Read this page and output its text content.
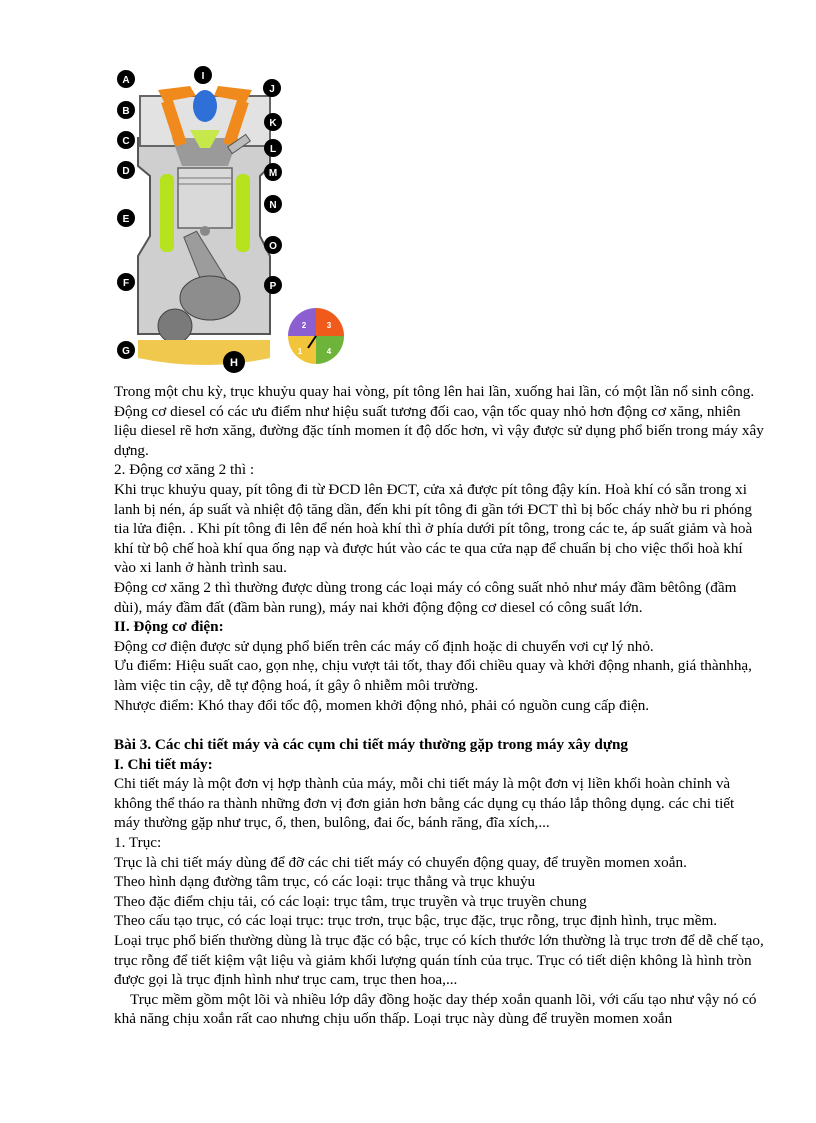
A
B
C
D
E
F
G
H
I
J
K
L
M
N
O
P
2	3
1	4

Trong một chu kỳ, trục khuỷu quay hai vòng, pít tông lên hai lần, xuống hai lần, có một lần nổ sinh công.

Động cơ diesel có các ưu điểm như hiệu suất tương đối cao, vận tốc quay nhỏ hơn động cơ xăng, nhiên liệu diesel rẽ hơn xăng, đường đặc tính momen ít độ dốc hơn, vì vậy được sử dụng phổ biến trong máy xây dựng.

2. Động cơ xăng 2 thì :

Khi trục khuỷu quay, pít tông đi từ ĐCD lên ĐCT, cửa xả được pít tông đậy kín. Hoà khí có sẵn trong xi lanh bị nén, áp suất và nhiệt độ tăng dần, đến khi pít tông đi gần tới ĐCT thì bị bốc cháy nhờ bu ri phóng tia lửa điện. . Khi pít tông đi lên để nén hoà khí thì ở phía dưới pít tông, trong các te, áp suất giảm và hoà khí từ bộ chế hoà khí qua ống nạp và được hút vào các te qua cửa nạp để chuẩn bị cho việc thổi hoà khí vào xi lanh ở hành trình sau.

Động cơ xăng 2 thì thường được dùng trong các loại máy có công suất nhỏ như máy đầm bêtông (đầm dùi), máy đầm đất (đầm bàn rung), máy nai khởi động động cơ diesel có công suất lớn.

II. Động cơ điện:

Động cơ điện được sử dụng phổ biến trên các máy cố định hoặc di chuyển vơi cự lý nhỏ.

Ưu điểm: Hiệu suất cao, gọn nhẹ, chịu vượt tải tốt, thay đổi chiều quay và khởi động nhanh, giá thànhhạ, làm việc tin cậy, dễ tự động hoá, ít gây ô nhiễm môi trường.

Nhược điểm: Khó thay đổi tốc độ, momen khởi động nhỏ, phải có nguồn cung cấp điện.

Bài 3. Các chi tiết máy và các cụm chi tiết máy thường gặp trong máy xây dựng

I. Chi tiết máy:

Chi tiết máy là một đơn vị hợp thành của máy, mỗi chi tiết máy là một đơn vị liền khối hoàn chỉnh và không thể tháo ra thành những đơn vị đơn giản hơn bằng các dụng cụ tháo lắp thông dụng. các chi tiết máy thường gặp như trục, ổ, then, bulông, đai ốc, bánh răng, đĩa xích,...

1. Trục:

Trục là chi tiết máy dùng để đỡ các chi tiết máy có chuyển động quay, để truyền momen xoắn.

Theo hình dạng đường tâm trục, có các loại: trục thẳng và trục khuỷu

Theo đặc điểm chịu tải, có các loại: trục tâm, trục truyền và trục truyền chung

Theo cấu tạo trục, có các loại trục: trục trơn, trục bậc, trục đặc, trục rỗng, trục định hình, trục mềm.

Loại trục phổ biến thường dùng là trục đặc có bậc, trục có kích thước lớn thường là trục trơn để dễ chế tạo, trục rỗng để tiết kiệm vật liệu và giảm khối lượng quán tính của trục. Trục có tiết diện không là hình tròn được gọi là trục định hình như trục cam, trục then hoa,...

Trục mềm gồm một lõi và nhiều lớp dây đồng hoặc day thép xoắn quanh lõi, với cấu tạo như vậy nó có khả năng chịu xoắn rất cao nhưng chịu uốn thấp. Loại trục này dùng để truyền momen xoắn
